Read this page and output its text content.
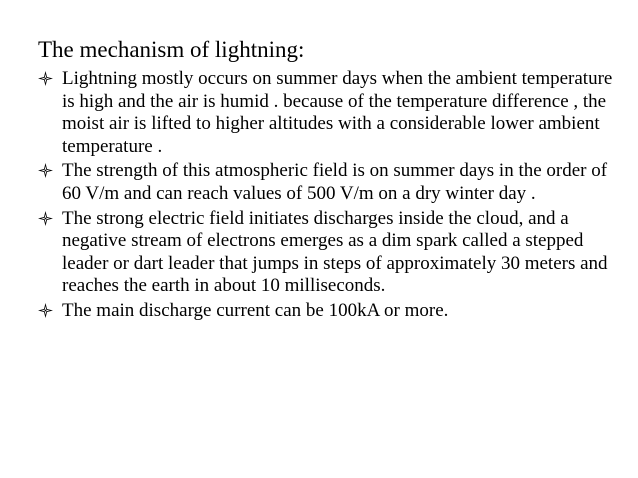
The mechanism of lightning:
Lightning mostly occurs on summer days when the ambient temperature is high and the air is humid . because of the temperature difference , the moist air is lifted to higher altitudes with a considerable lower ambient temperature .
The strength of this atmospheric field is on summer days in the order of 60 V/m and can reach values of 500 V/m on a dry winter day .
The strong electric field initiates discharges inside the cloud, and a negative stream of electrons emerges as a dim spark called a stepped leader or dart leader that jumps in steps of approximately 30 meters and reaches the earth in about 10 milliseconds.
The main discharge current can be 100kA or more.
